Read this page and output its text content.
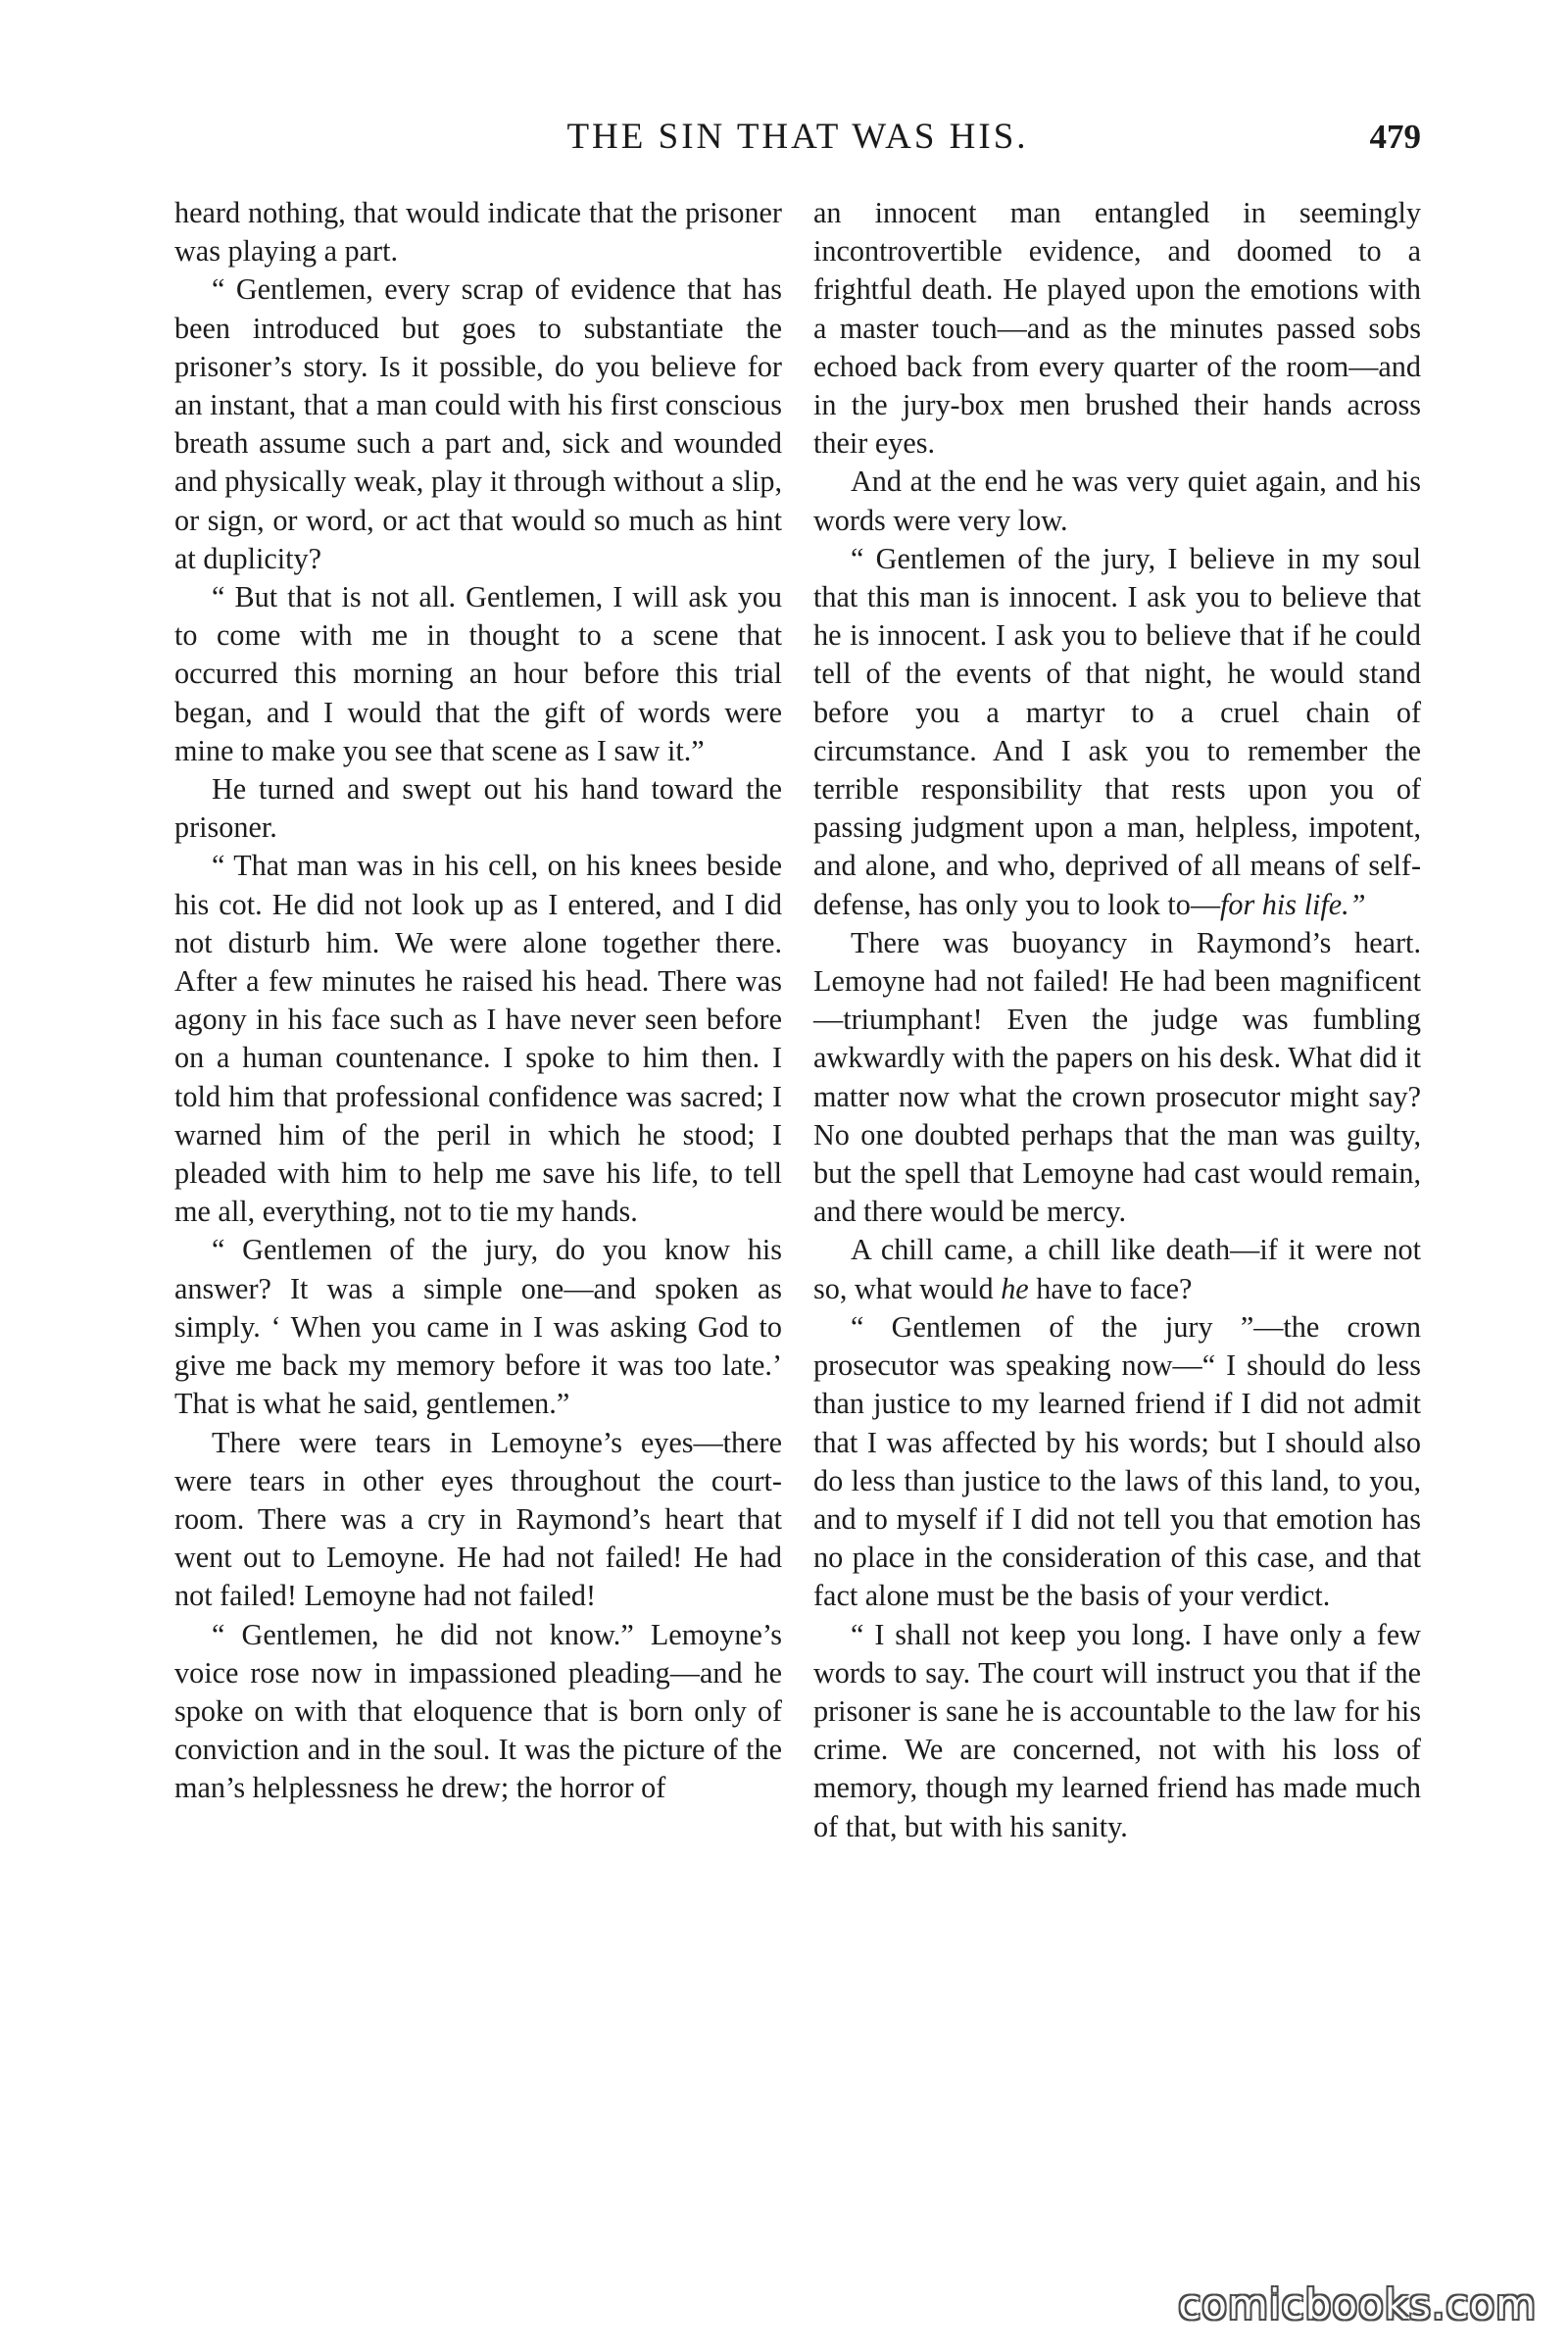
THE SIN THAT WAS HIS.	479

heard nothing, that would indicate that the prisoner was playing a part.

“ Gentlemen, every scrap of evidence that has been introduced but goes to substantiate the prisoner’s story. Is it possible, do you believe for an instant, that a man could with his first conscious breath assume such a part and, sick and wounded and physically weak, play it through without a slip, or sign, or word, or act that would so much as hint at duplicity?

“ But that is not all. Gentlemen, I will ask you to come with me in thought to a scene that occurred this morning an hour before this trial began, and I would that the gift of words were mine to make you see that scene as I saw it.”

He turned and swept out his hand toward the prisoner.

“ That man was in his cell, on his knees beside his cot. He did not look up as I entered, and I did not disturb him. We were alone together there. After a few minutes he raised his head. There was agony in his face such as I have never seen before on a human countenance. I spoke to him then. I told him that professional confidence was sacred; I warned him of the peril in which he stood; I pleaded with him to help me save his life, to tell me all, everything, not to tie my hands.

“ Gentlemen of the jury, do you know his answer? It was a simple one—and spoken as simply. ‘ When you came in I was asking God to give me back my memory before it was too late.’ That is what he said, gentlemen.”

There were tears in Lemoyne’s eyes—there were tears in other eyes throughout the court-room. There was a cry in Raymond’s heart that went out to Lemoyne. He had not failed! He had not failed! Lemoyne had not failed!

“ Gentlemen, he did not know.” Lemoyne’s voice rose now in impassioned pleading—and he spoke on with that eloquence that is born only of conviction and in the soul. It was the picture of the man’s helplessness he drew; the horror of

an innocent man entangled in seemingly incontrovertible evidence, and doomed to a frightful death. He played upon the emotions with a master touch—and as the minutes passed sobs echoed back from every quarter of the room—and in the jury-box men brushed their hands across their eyes.

And at the end he was very quiet again, and his words were very low.

“ Gentlemen of the jury, I believe in my soul that this man is innocent. I ask you to believe that he is innocent. I ask you to believe that if he could tell of the events of that night, he would stand before you a martyr to a cruel chain of circumstance. And I ask you to remember the terrible responsibility that rests upon you of passing judgment upon a man, helpless, impotent, and alone, and who, deprived of all means of self-defense, has only you to look to—for his life.”

There was buoyancy in Raymond’s heart. Lemoyne had not failed! He had been magnificent—triumphant! Even the judge was fumbling awkwardly with the papers on his desk. What did it matter now what the crown prosecutor might say? No one doubted perhaps that the man was guilty, but the spell that Lemoyne had cast would remain, and there would be mercy.

A chill came, a chill like death—if it were not so, what would he have to face?

“ Gentlemen of the jury ”—the crown prosecutor was speaking now—“ I should do less than justice to my learned friend if I did not admit that I was affected by his words; but I should also do less than justice to the laws of this land, to you, and to myself if I did not tell you that emotion has no place in the consideration of this case, and that fact alone must be the basis of your verdict.

“ I shall not keep you long. I have only a few words to say. The court will instruct you that if the prisoner is sane he is accountable to the law for his crime. We are concerned, not with his loss of memory, though my learned friend has made much of that, but with his sanity.

comicbooks.com
